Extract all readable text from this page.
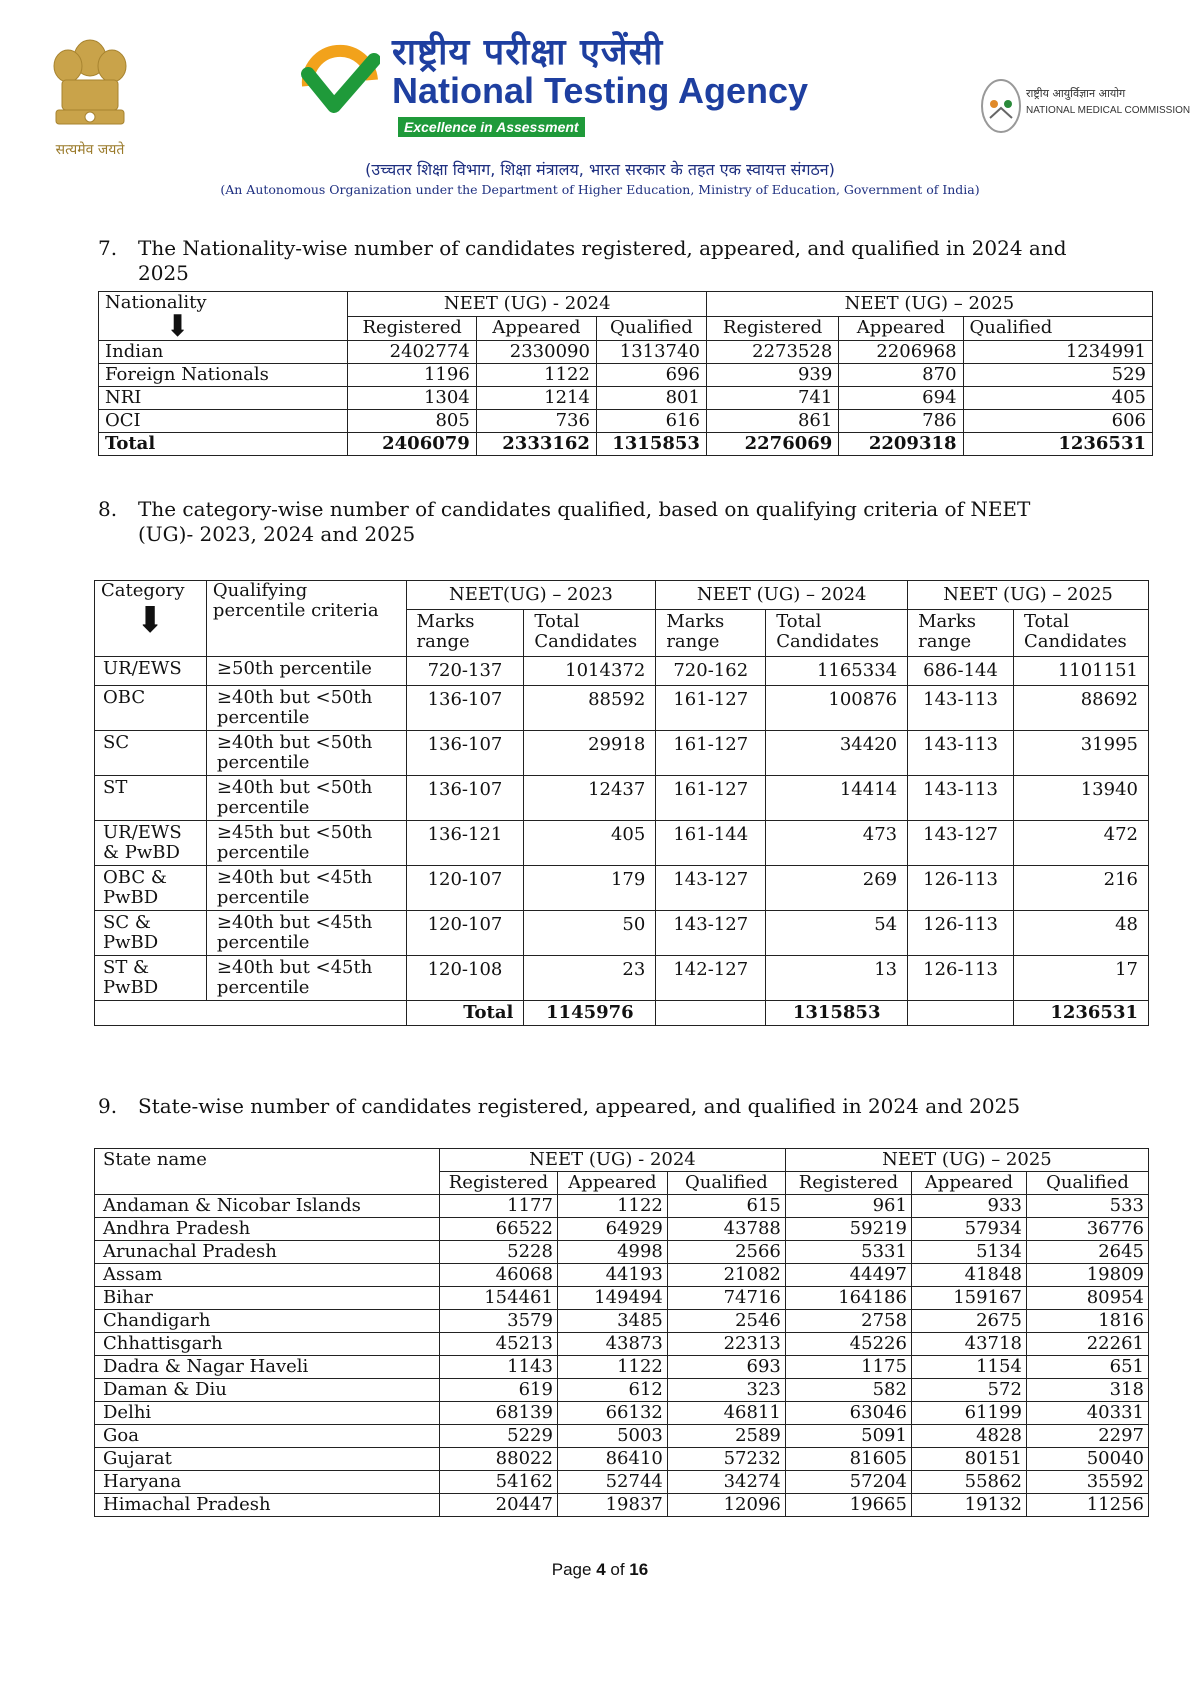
सत्यमेव जयते
राष्ट्रीय परीक्षा एजेंसी
National Testing Agency
Excellence in Assessment
राष्ट्रीय आयुर्विज्ञान आयोग
NATIONAL MEDICAL COMMISSION
(उच्चतर शिक्षा विभाग, शिक्षा मंत्रालय, भारत सरकार के तहत एक स्वायत्त संगठन)
(An Autonomous Organization under the Department of Higher Education, Ministry of Education, Government of India)
7. The Nationality-wise number of candidates registered, appeared, and qualified in 2024 and
2025
Nationality
⬇	NEET (UG) - 2024			NEET (UG) – 2025		
	Registered	Appeared	Qualified	Registered	Appeared	Qualified
Indian	2402774	2330090	1313740	2273528	2206968	1234991
Foreign Nationals	1196	1122	696	939	870	529
NRI	1304	1214	801	741	694	405
OCI	805	736	616	861	786	606
Total	2406079	2333162	1315853	2276069	2209318	1236531
8. The category-wise number of candidates qualified, based on qualifying criteria of NEET
(UG)- 2023, 2024 and 2025
Category
⬇	Qualifying percentile criteria	NEET(UG) – 2023		NEET (UG) – 2024		NEET (UG) – 2025	
		Marks range	Total Candidates	Marks range	Total Candidates	Marks range	Total Candidates
UR/EWS	≥50th percentile	720-137	1014372	720-162	1165334	686-144	1101151
OBC	≥40th but <50th percentile	136-107	88592	161-127	100876	143-113	88692
SC	≥40th but <50th percentile	136-107	29918	161-127	34420	143-113	31995
ST	≥40th but <50th percentile	136-107	12437	161-127	14414	143-113	13940
UR/EWS & PwBD	≥45th but <50th percentile	136-121	405	161-144	473	143-127	472
OBC & PwBD	≥40th but <45th percentile	120-107	179	143-127	269	126-113	216
SC & PwBD	≥40th but <45th percentile	120-107	50	143-127	54	126-113	48
ST & PwBD	≥40th but <45th percentile	120-108	23	142-127	13	126-113	17
		Total	1145976		1315853		1236531
9. State-wise number of candidates registered, appeared, and qualified in 2024 and 2025
State name	NEET (UG) - 2024			NEET (UG) – 2025		
	Registered	Appeared	Qualified	Registered	Appeared	Qualified
Andaman & Nicobar Islands	1177	1122	615	961	933	533
Andhra Pradesh	66522	64929	43788	59219	57934	36776
Arunachal Pradesh	5228	4998	2566	5331	5134	2645
Assam	46068	44193	21082	44497	41848	19809
Bihar	154461	149494	74716	164186	159167	80954
Chandigarh	3579	3485	2546	2758	2675	1816
Chhattisgarh	45213	43873	22313	45226	43718	22261
Dadra & Nagar Haveli	1143	1122	693	1175	1154	651
Daman & Diu	619	612	323	582	572	318
Delhi	68139	66132	46811	63046	61199	40331
Goa	5229	5003	2589	5091	4828	2297
Gujarat	88022	86410	57232	81605	80151	50040
Haryana	54162	52744	34274	57204	55862	35592
Himachal Pradesh	20447	19837	12096	19665	19132	11256
Page 4 of 16
